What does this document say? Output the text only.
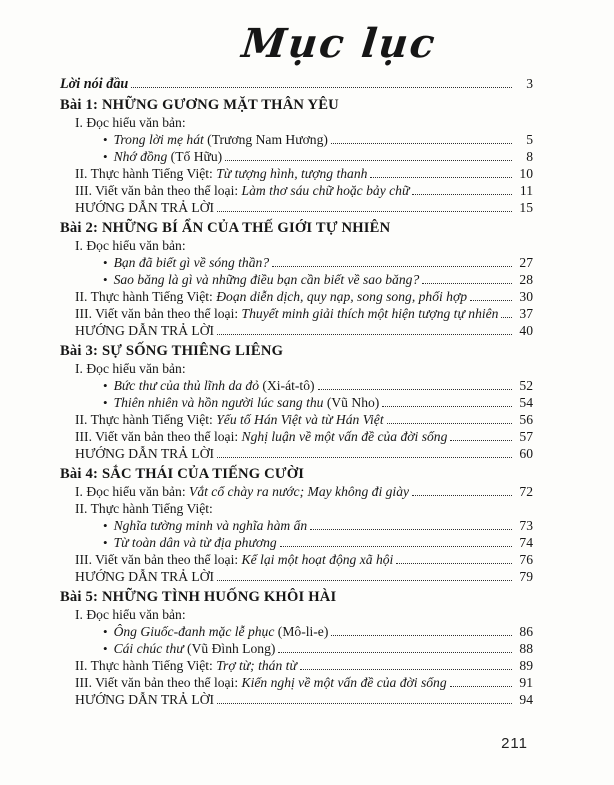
Mục lục
Lời nói đầu	3
Bài 1: NHỮNG GƯƠNG MẶT THÂN YÊU
I. Đọc hiểu văn bản:
•
Trong lời mẹ hát (Trương Nam Hương)	5
•
Nhớ đồng (Tố Hữu)	8
II. Thực hành Tiếng Việt: Từ tượng hình, tượng thanh	10
III. Viết văn bản theo thể loại: Làm thơ sáu chữ hoặc bảy chữ	11
HƯỚNG DẪN TRẢ LỜI	15
Bài 2: NHỮNG BÍ ẨN CỦA THẾ GIỚI TỰ NHIÊN
I. Đọc hiểu văn bản:
•
Bạn đã biết gì về sóng thần?	27
•
Sao băng là gì và những điều bạn cần biết về sao băng?	28
II. Thực hành Tiếng Việt: Đoạn diễn dịch, quy nạp, song song, phối hợp	30
III. Viết văn bản theo thể loại: Thuyết minh giải thích một hiện tượng tự nhiên	37
HƯỚNG DẪN TRẢ LỜI	40
Bài 3: SỰ SỐNG THIÊNG LIÊNG
I. Đọc hiểu văn bản:
•
Bức thư của thủ lĩnh da đỏ (Xi-át-tô)	52
•
Thiên nhiên và hồn người lúc sang thu (Vũ Nho)	54
II. Thực hành Tiếng Việt: Yếu tố Hán Việt và từ Hán Việt	56
III. Viết văn bản theo thể loại: Nghị luận về một vấn đề của đời sống	57
HƯỚNG DẪN TRẢ LỜI	60
Bài 4: SẮC THÁI CỦA TIẾNG CƯỜI
I. Đọc hiểu văn bản: Vắt cổ chày ra nước; May không đi giày	72
II. Thực hành Tiếng Việt:
•
Nghĩa tường minh và nghĩa hàm ẩn	73
•
Từ toàn dân và từ địa phương	74
III. Viết văn bản theo thể loại: Kể lại một hoạt động xã hội	76
HƯỚNG DẪN TRẢ LỜI	79
Bài 5: NHỮNG TÌNH HUỐNG KHÔI HÀI
I. Đọc hiểu văn bản:
•
Ông Giuốc-đanh mặc lễ phục (Mô-li-e)	86
•
Cái chúc thư (Vũ Đình Long)	88
II. Thực hành Tiếng Việt: Trợ từ; thán từ	89
III. Viết văn bản theo thể loại: Kiến nghị về một vấn đề của đời sống	91
HƯỚNG DẪN TRẢ LỜI	94
211
